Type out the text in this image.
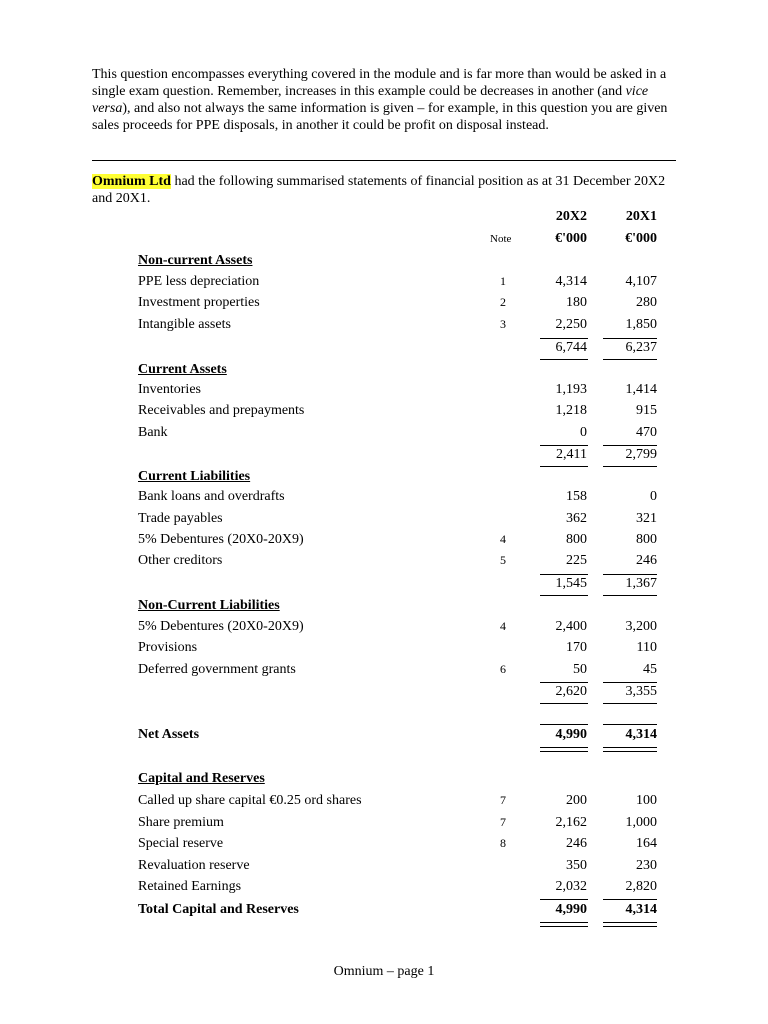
This question encompasses everything covered in the module and is far more than would be asked in a single exam question. Remember, increases in this example could be decreases in another (and vice versa), and also not always the same information is given – for example, in this question you are given sales proceeds for PPE disposals, in another it could be profit on disposal instead.

Omnium Ltd had the following summarised statements of financial position as at 31 December 20X2 and 20X1.

20X2	20X1
Note	€'000	€'000
Non-current Assets
PPE less depreciation	1	4,314	4,107
Investment properties	2	180	280
Intangible assets	3	2,250	1,850
6,744	6,237
Current Assets
Inventories	1,193	1,414
Receivables and prepayments	1,218	915
Bank	0	470
2,411	2,799
Current Liabilities
Bank loans and overdrafts	158	0
Trade payables	362	321
5% Debentures (20X0-20X9)	4	800	800
Other creditors	5	225	246
1,545	1,367
Non-Current Liabilities
5% Debentures (20X0-20X9)	4	2,400	3,200
Provisions	170	110
Deferred government grants	6	50	45
2,620	3,355
Net Assets	4,990	4,314
Capital and Reserves
Called up share capital €0.25 ord shares	7	200	100
Share premium	7	2,162	1,000
Special reserve	8	246	164
Revaluation reserve	350	230
Retained Earnings	2,032	2,820
Total Capital and Reserves	4,990	4,314
Omnium – page 1
